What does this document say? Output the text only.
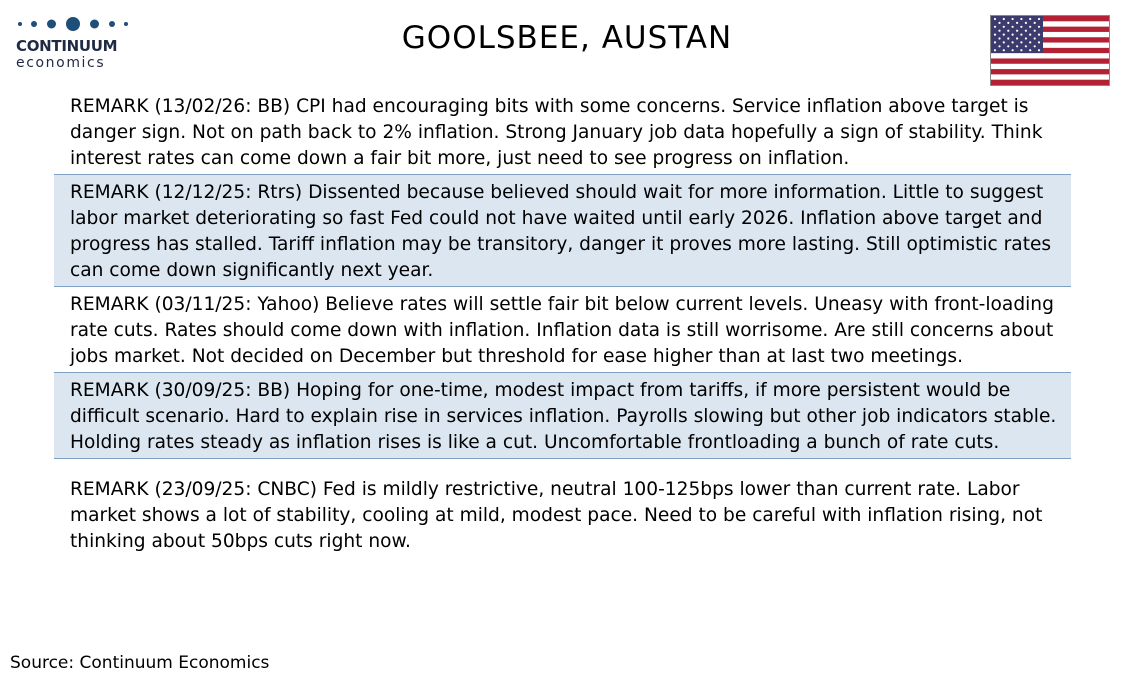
CONTINUUM
economics
GOOLSBEE, AUSTAN
REMARK (13/02/26: BB) CPI had encouraging bits with some concerns. Service inflation above target is danger sign. Not on path back to 2% inflation. Strong January job data hopefully a sign of stability. Think interest rates can come down a fair bit more, just need to see progress on inflation.
REMARK (12/12/25: Rtrs) Dissented because believed should wait for more information. Little to suggest labor market deteriorating so fast Fed could not have waited until early 2026. Inflation above target and progress has stalled. Tariff inflation may be transitory, danger it proves more lasting. Still optimistic rates can come down significantly next year.
REMARK (03/11/25: Yahoo) Believe rates will settle fair bit below current levels. Uneasy with front-loading rate cuts. Rates should come down with inflation. Inflation data is still worrisome. Are still concerns about jobs market. Not decided on December but threshold for ease higher than at last two meetings.
REMARK (30/09/25: BB) Hoping for one-time, modest impact from tariffs, if more persistent would be difficult scenario. Hard to explain rise in services inflation. Payrolls slowing but other job indicators stable. Holding rates steady as inflation rises is like a cut. Uncomfortable frontloading a bunch of rate cuts.
REMARK (23/09/25: CNBC) Fed is mildly restrictive, neutral 100-125bps lower than current rate. Labor market shows a lot of stability, cooling at mild, modest pace. Need to be careful with inflation rising, not thinking about 50bps cuts right now.
Source: Continuum Economics
